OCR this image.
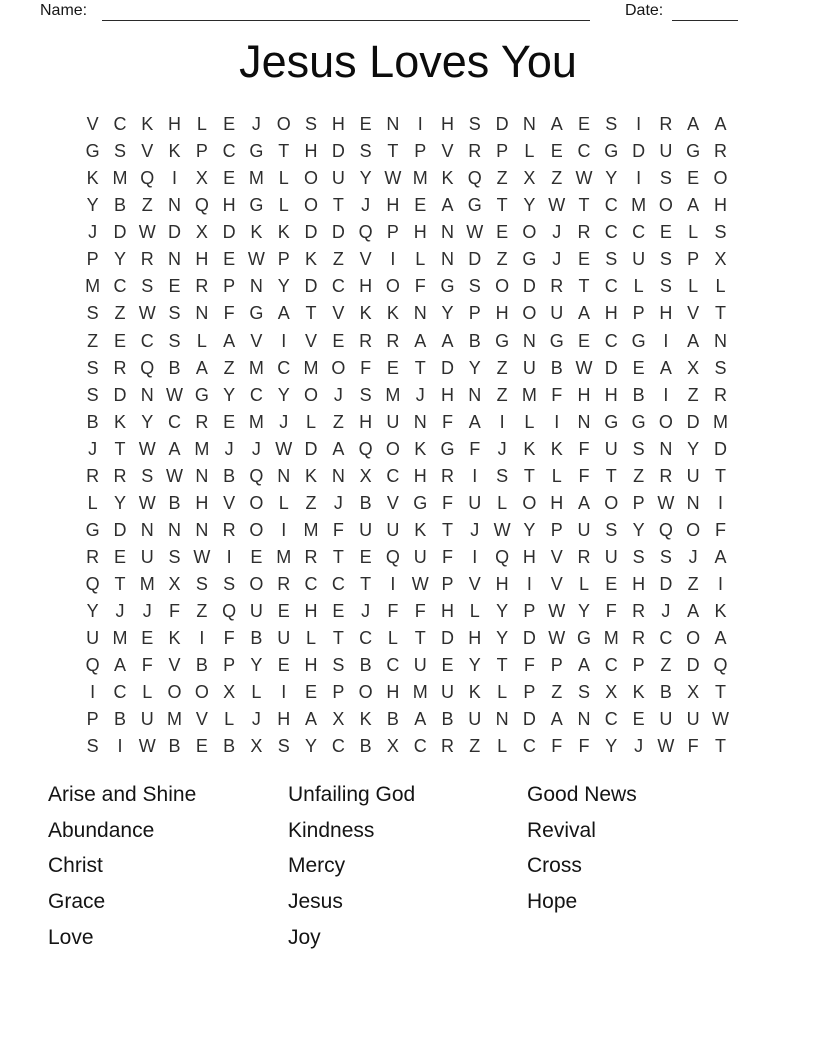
Name:	Date:
Jesus Loves You
V C K H L E J O S H E N	I	H S D N A E S	I	R A A
G S V K P C G T H D S T P V R P L E C G D U G R
K M Q I	X E M L O U Y W M K Q Z X Z W Y	I	S E O
Y B Z N Q H G L O T J H E A G T Y W T C M O A H
J D W D X D K K D D Q P H N W E O J R C C E L S
P Y R N H E W P K Z V	I	L N D Z G J E S U S P X
M C S E R P N Y D C H O F G S O D R T C L S L L
S Z W S N F G A T V K K N Y P H O U A H P H V T
Z E C S L A V	I	V E R R A A B G N G E C G I	A N
S R Q B A Z M C M O F E T D Y Z U B W D E A X S
S D N W G Y C Y O J S M J H N Z M F H H B	I	Z R
B K Y C R E M J L Z H U N F A	I	L	I	N G G O D M
J T W A M J	J W D A Q O K G F J K K F U S N Y D
R R S W N B Q N K N X C H R	I	S T L F T Z R U T
L Y W B H V O L Z J B V G F U L O H A O P W N	I
G D N N N R O I M F U U K T J W Y P U S Y Q O F
R E U S W I	E M R T E Q U F	I Q H V R U S S J A
Q T M X S S O R C C T	I W P V H	I	V L E H D Z	I
Y J	J F Z Q U E H E J F F H L Y P W Y F R J A K
U M E K	I	F B U L T C L T D H Y D W G M R C O A
Q A F V B P Y E H S B C U E Y T F P A C P Z D Q
I	C L O O X L	I	E P O H M U K L P Z S X K B X T
P B U M V L J H A X K B A B U N D A N C E U U W
S	I W B E B X S Y C B X C R Z L C F F Y J W F T
Arise and Shine
Abundance
Christ
Grace
Love
Unfailing God
Kindness
Mercy
Jesus
Joy
Good News
Revival
Cross
Hope
